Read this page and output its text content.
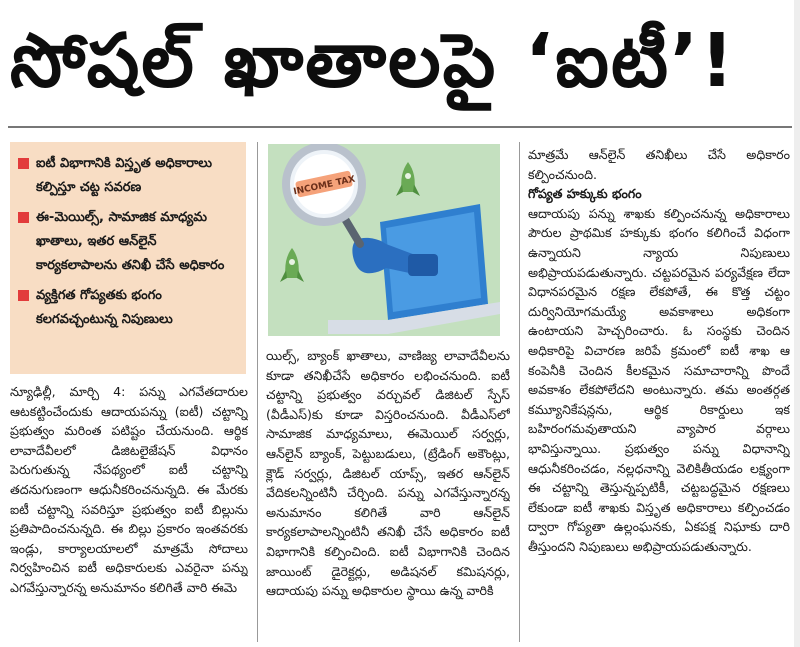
సోషల్ ఖాతాలపై ‘ఐటీ’!
ఐటీ విభాగానికి విస్తృత అధికారాలు కల్పిస్తూ చట్ట సవరణ
ఈ-మెయిల్స్, సామాజిక మాధ్యమ ఖాతాలు, ఇతర ఆన్‌లైన్ కార్యకలాపాలను తనిఖీ చేసే అధికారం
వ్యక్తిగత గోప్యతకు భంగం కలగవచ్చంటున్న నిపుణులు
INCOME TAX

న్యూఢిల్లీ, మార్చి 4: పన్ను ఎగవేతదారుల ఆటకట్టించేందుకు ఆదాయపన్ను (ఐటీ) చట్టాన్ని ప్రభుత్వం మరింత పటిష్టం చేయనుంది. ఆర్థిక లావాదేవీలలో డిజిటలైజేషన్ విధానం పెరుగుతున్న నేపథ్యంలో ఐటీ చట్టాన్ని తదనుగుణంగా ఆధునీకరించనున్నది. ఈ మేరకు ఐటీ చట్టాన్ని సవరిస్తూ ప్రభుత్వం ఐటీ బిల్లును ప్రతిపాదించనున్నది. ఈ బిల్లు ప్రకారం ఇంతవరకు ఇండ్లు, కార్యాలయాలలో మాత్రమే సోదాలు నిర్వహించిన ఐటీ అధికారులకు ఎవరైనా పన్ను ఎగవేస్తున్నారన్న అనుమానం కలిగితే వారి ఈమె

యిల్స్, బ్యాంక్ ఖాతాలు, వాణిజ్య లావాదేవీలను కూడా తనిఖీచేసే అధికారం లభించనుంది. ఐటీ చట్టాన్ని ప్రభుత్వం వర్చువల్ డిజిటల్ స్పేస్ (వీడీఎస్)కు కూడా విస్తరించనుంది. వీడీఎస్‌లో సామాజిక మాధ్యమాలు, ఈమెయిల్ సర్వర్లు, ఆన్‌లైన్ బ్యాంక్, పెట్టుబడులు, (ట్రేడింగ్ అకౌంట్లు, క్లౌడ్ సర్వర్లు, డిజిటల్ యాప్స్, ఇతర ఆన్‌లైన్ వేదికలన్నింటినీ చేర్చింది. పన్ను ఎగవేస్తున్నారన్న అనుమానం కలిగితే వారి ఆన్‌లైన్ కార్యకలాపాలన్నింటినీ తనిఖీ చేసే అధికారం ఐటీ విభాగానికి కల్పించింది. ఐటీ విభాగానికి చెందిన జాయింట్ డైరెక్టర్లు, అడిషనల్ కమిషనర్లు, ఆదాయపు పన్ను అధికారుల స్థాయి ఉన్న వారికి

మాత్రమే ఆన్‌లైన్ తనిఖీలు చేసే అధికారం కల్పించనుంది.

గోప్యత హక్కుకు భంగం

ఆదాయపు పన్ను శాఖకు కల్పించనున్న అధికారాలు పౌరుల ప్రాథమిక హక్కుకు భంగం కలిగించే విధంగా ఉన్నాయని న్యాయ నిపుణులు అభిప్రాయపడుతున్నారు. చట్టపరమైన పర్యవేక్షణ లేదా విధానపరమైన రక్షణ లేకపోతే, ఈ కొత్త చట్టం దుర్వినియోగమయ్యే అవకాశాలు అధికంగా ఉంటాయని హెచ్చరించారు. ఓ సంస్థకు చెందిన అధికారిపై విచారణ జరిపే క్రమంలో ఐటీ శాఖ ఆ కంపెనీకి చెందిన కీలకమైన సమాచారాన్ని పొందే అవకాశం లేకపోలేదని అంటున్నారు. తమ అంతర్గత కమ్యూనికేషన్లను, ఆర్థిక రికార్డులు ఇక బహిరంగమవుతాయని వ్యాపార వర్గాలు భావిస్తున్నాయి. ప్రభుత్వం పన్ను విధానాన్ని ఆధునీకరించడం, నల్లధనాన్ని వెలికితీయడం లక్ష్యంగా ఈ చట్టాన్ని తెస్తున్నప్పటికీ, చట్టబద్ధమైన రక్షణలు లేకుండా ఐటీ శాఖకు విస్తృత అధికారాలు కల్పించడం ద్వారా గోప్యతా ఉల్లంఘనకు, ఏకపక్ష నిఘాకు దారి తీస్తుందని నిపుణులు అభిప్రాయపడుతున్నారు.
